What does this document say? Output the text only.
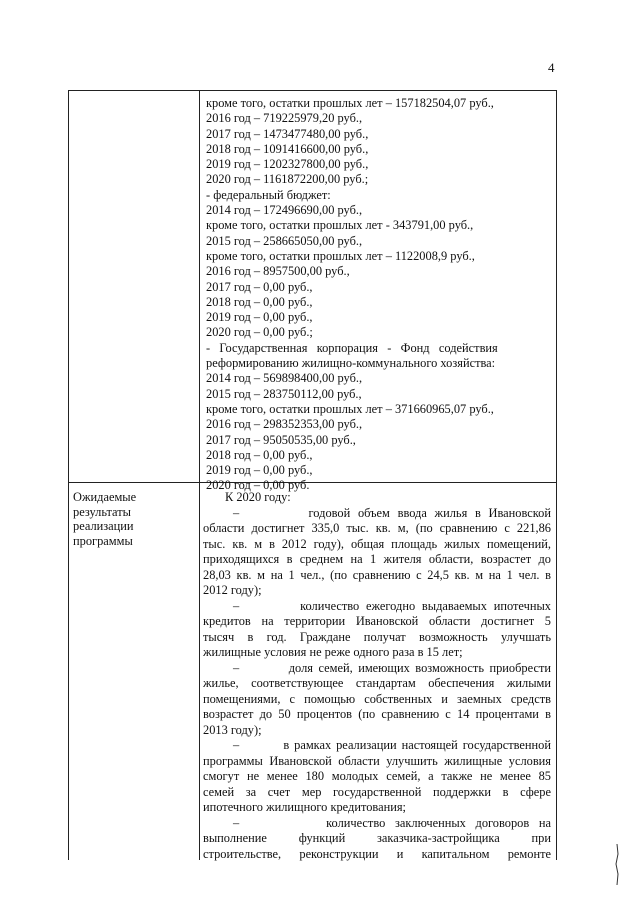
4
кроме того, остатки прошлых лет – 157182504,07 руб.,
2016 год – 719225979,20 руб.,
2017 год – 1473477480,00 руб.,
2018 год – 1091416600,00 руб.,
2019 год – 1202327800,00 руб.,
2020 год – 1161872200,00 руб.;
- федеральный бюджет:
2014 год – 172496690,00 руб.,
кроме того, остатки прошлых лет - 343791,00 руб.,
2015 год – 258665050,00 руб.,
кроме того, остатки прошлых лет – 1122008,9 руб.,
2016 год – 8957500,00 руб.,
2017 год – 0,00 руб.,
2018 год – 0,00 руб.,
2019 год – 0,00 руб.,
2020 год – 0,00 руб.;
-   Государственная   корпорация   -   Фонд   содействия
реформированию жилищно-коммунального хозяйства:
2014 год – 569898400,00 руб.,
2015 год – 283750112,00 руб.,
кроме того, остатки прошлых лет – 371660965,07 руб.,
2016 год – 298352353,00 руб.,
2017 год – 95050535,00 руб.,
2018 год – 0,00 руб.,
2019 год – 0,00 руб.,
2020 год – 0,00 руб.
Ожидаемые
результаты
реализации
программы
К 2020 году:
–         годовой объем ввода жилья в Ивановской
области достигнет 335,0 тыс. кв. м, (по сравнению с 221,86
тыс. кв. м в 2012 году), общая площадь жилых помещений,
приходящихся в среднем на 1 жителя области, возрастет до
28,03 кв. м на 1 чел., (по сравнению с 24,5 кв. м на 1 чел. в
2012 году);
–         количество ежегодно выдаваемых ипотечных
кредитов на территории Ивановской области достигнет 5
тысяч в год. Граждане получат возможность улучшать
жилищные условия не реже одного раза в 15 лет;
–         доля семей, имеющих возможность приобрести
жилье, соответствующее стандартам обеспечения жилыми
помещениями, с помощью собственных и заемных средств
возрастет до 50 процентов (по сравнению с 14 процентами в
2013 году);
–         в рамках реализации настоящей государственной
программы Ивановской области улучшить жилищные условия
смогут не менее 180 молодых семей, а также не менее 85
семей за счет мер государственной поддержки в сфере
ипотечного жилищного кредитования;
–         количество заключенных договоров на
выполнение функций заказчика-застройщика при
строительстве, реконструкции и капитальном ремонте
